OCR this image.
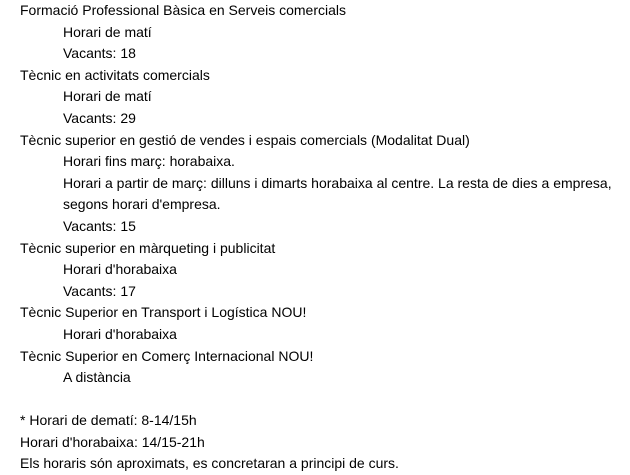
Formació Professional Bàsica en Serveis comercials
Horari de matí
Vacants: 18
Tècnic en activitats comercials
Horari de matí
Vacants: 29
Tècnic superior en gestió de vendes i espais comercials (Modalitat Dual)
Horari fins març: horabaixa.
Horari a partir de març: dilluns i dimarts horabaixa al centre. La resta de dies a empresa,
segons horari d'empresa.
Vacants: 15
Tècnic superior en màrqueting i publicitat
Horari d'horabaixa
Vacants: 17
Tècnic Superior en Transport i Logística NOU!
Horari d'horabaixa
Tècnic Superior en Comerç Internacional NOU!
A distància
* Horari de dematí: 8-14/15h
Horari d'horabaixa: 14/15-21h
Els horaris són aproximats, es concretaran a principi de curs.
